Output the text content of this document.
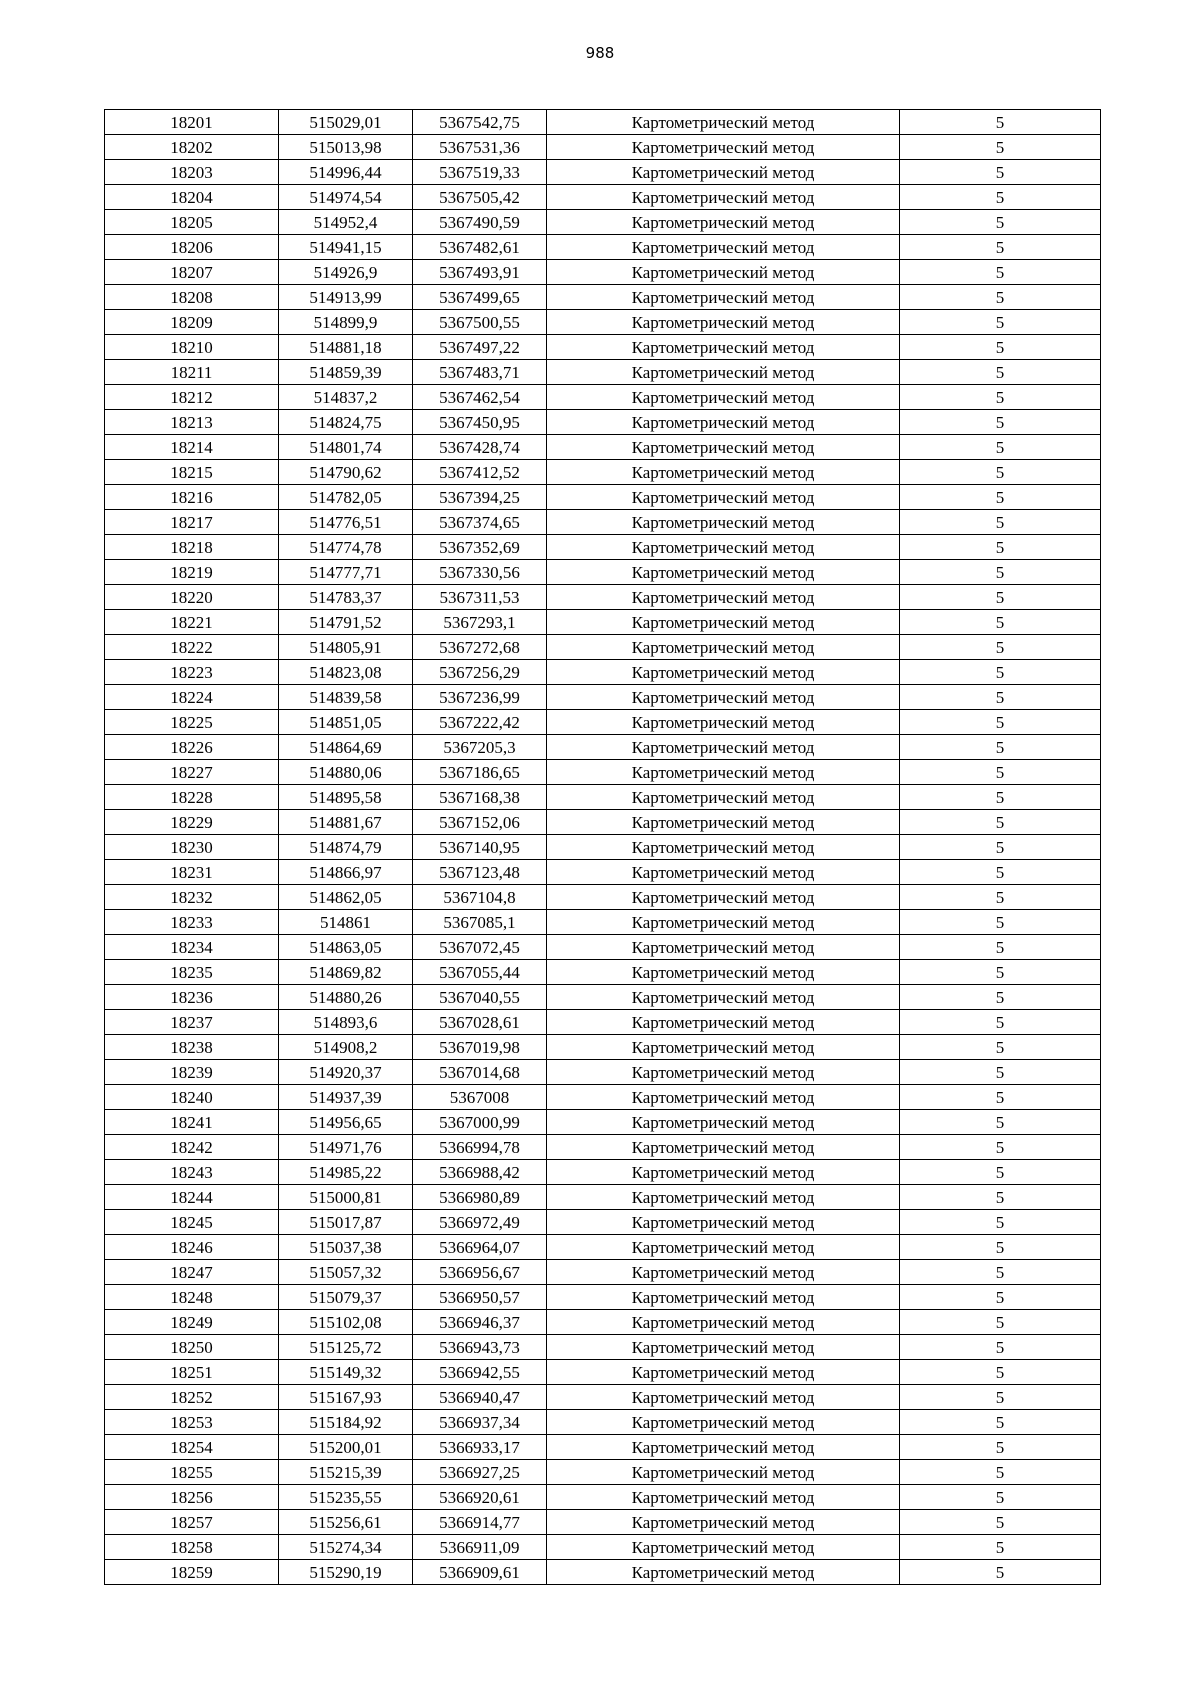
988
18201	515029,01	5367542,75	Картометрический метод	5
18202	515013,98	5367531,36	Картометрический метод	5
18203	514996,44	5367519,33	Картометрический метод	5
18204	514974,54	5367505,42	Картометрический метод	5
18205	514952,4	5367490,59	Картометрический метод	5
18206	514941,15	5367482,61	Картометрический метод	5
18207	514926,9	5367493,91	Картометрический метод	5
18208	514913,99	5367499,65	Картометрический метод	5
18209	514899,9	5367500,55	Картометрический метод	5
18210	514881,18	5367497,22	Картометрический метод	5
18211	514859,39	5367483,71	Картометрический метод	5
18212	514837,2	5367462,54	Картометрический метод	5
18213	514824,75	5367450,95	Картометрический метод	5
18214	514801,74	5367428,74	Картометрический метод	5
18215	514790,62	5367412,52	Картометрический метод	5
18216	514782,05	5367394,25	Картометрический метод	5
18217	514776,51	5367374,65	Картометрический метод	5
18218	514774,78	5367352,69	Картометрический метод	5
18219	514777,71	5367330,56	Картометрический метод	5
18220	514783,37	5367311,53	Картометрический метод	5
18221	514791,52	5367293,1	Картометрический метод	5
18222	514805,91	5367272,68	Картометрический метод	5
18223	514823,08	5367256,29	Картометрический метод	5
18224	514839,58	5367236,99	Картометрический метод	5
18225	514851,05	5367222,42	Картометрический метод	5
18226	514864,69	5367205,3	Картометрический метод	5
18227	514880,06	5367186,65	Картометрический метод	5
18228	514895,58	5367168,38	Картометрический метод	5
18229	514881,67	5367152,06	Картометрический метод	5
18230	514874,79	5367140,95	Картометрический метод	5
18231	514866,97	5367123,48	Картометрический метод	5
18232	514862,05	5367104,8	Картометрический метод	5
18233	514861	5367085,1	Картометрический метод	5
18234	514863,05	5367072,45	Картометрический метод	5
18235	514869,82	5367055,44	Картометрический метод	5
18236	514880,26	5367040,55	Картометрический метод	5
18237	514893,6	5367028,61	Картометрический метод	5
18238	514908,2	5367019,98	Картометрический метод	5
18239	514920,37	5367014,68	Картометрический метод	5
18240	514937,39	5367008	Картометрический метод	5
18241	514956,65	5367000,99	Картометрический метод	5
18242	514971,76	5366994,78	Картометрический метод	5
18243	514985,22	5366988,42	Картометрический метод	5
18244	515000,81	5366980,89	Картометрический метод	5
18245	515017,87	5366972,49	Картометрический метод	5
18246	515037,38	5366964,07	Картометрический метод	5
18247	515057,32	5366956,67	Картометрический метод	5
18248	515079,37	5366950,57	Картометрический метод	5
18249	515102,08	5366946,37	Картометрический метод	5
18250	515125,72	5366943,73	Картометрический метод	5
18251	515149,32	5366942,55	Картометрический метод	5
18252	515167,93	5366940,47	Картометрический метод	5
18253	515184,92	5366937,34	Картометрический метод	5
18254	515200,01	5366933,17	Картометрический метод	5
18255	515215,39	5366927,25	Картометрический метод	5
18256	515235,55	5366920,61	Картометрический метод	5
18257	515256,61	5366914,77	Картометрический метод	5
18258	515274,34	5366911,09	Картометрический метод	5
18259	515290,19	5366909,61	Картометрический метод	5
